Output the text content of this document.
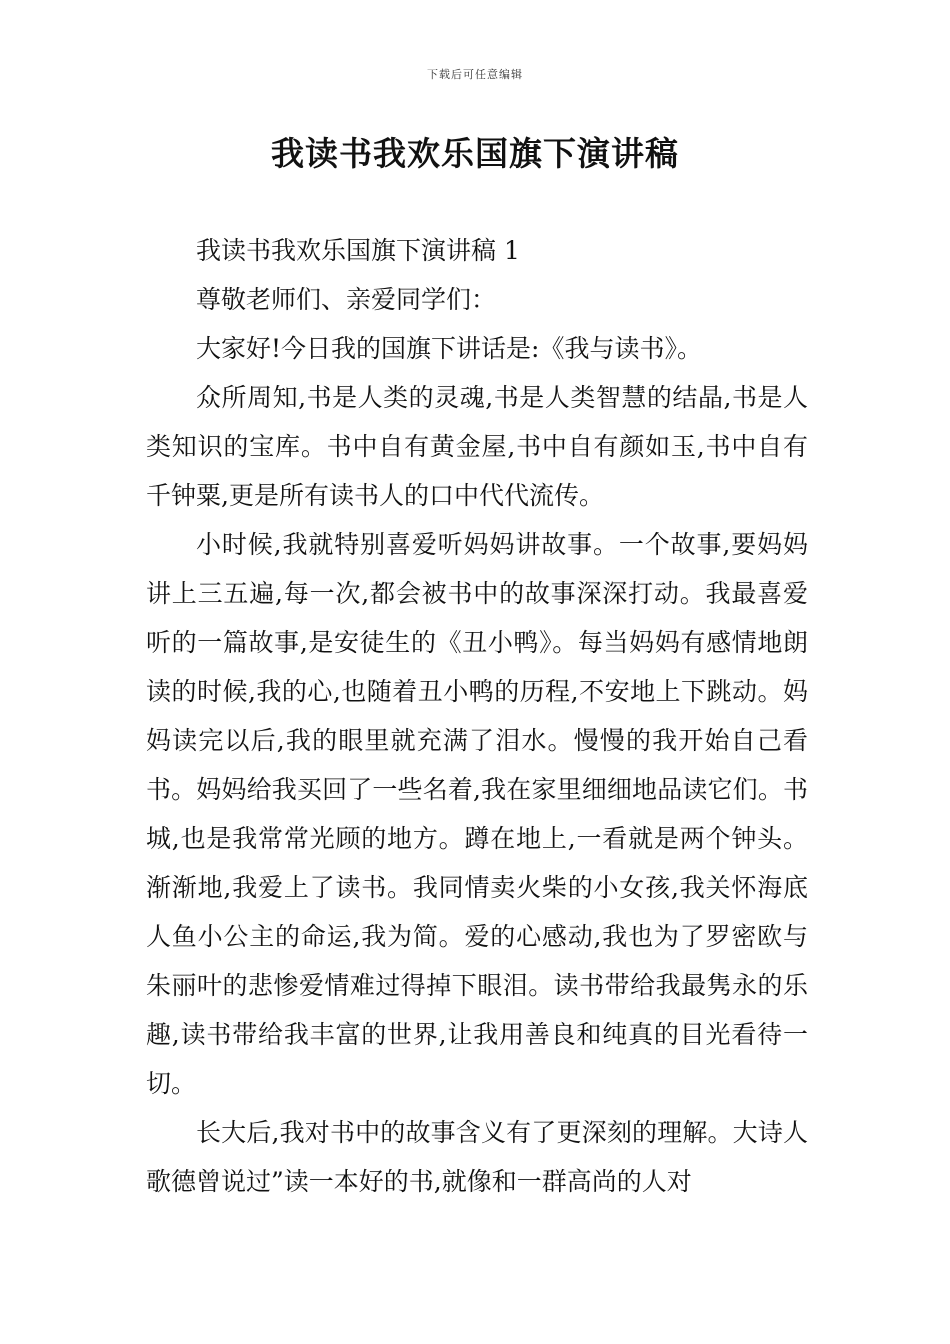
下载后可任意编辑
我读书我欢乐国旗下演讲稿

我读书我欢乐国旗下演讲稿 1

尊敬老师们、亲爱同学们：

大家好!今日我的国旗下讲话是:《我与读书》。

众所周知,书是人类的灵魂,书是人类智慧的结晶,书是人类知识的宝库。书中自有黄金屋,书中自有颜如玉,书中自有千钟粟,更是所有读书人的口中代代流传。

小时候,我就特别喜爱听妈妈讲故事。一个故事,要妈妈讲上三五遍,每一次,都会被书中的故事深深打动。我最喜爱听的一篇故事,是安徒生的《丑小鸭》。每当妈妈有感情地朗读的时候,我的心,也随着丑小鸭的历程,不安地上下跳动。妈妈读完以后,我的眼里就充满了泪水。慢慢的我开始自己看书。妈妈给我买回了一些名着,我在家里细细地品读它们。书城,也是我常常光顾的地方。蹲在地上,一看就是两个钟头。渐渐地,我爱上了读书。我同情卖火柴的小女孩,我关怀海底人鱼小公主的命运,我为简。爱的心感动,我也为了罗密欧与朱丽叶的悲惨爱情难过得掉下眼泪。读书带给我最隽永的乐趣,读书带给我丰富的世界,让我用善良和纯真的目光看待一切。

长大后,我对书中的故事含义有了更深刻的理解。大诗人歌德曾说过”读一本好的书,就像和一群高尚的人对
